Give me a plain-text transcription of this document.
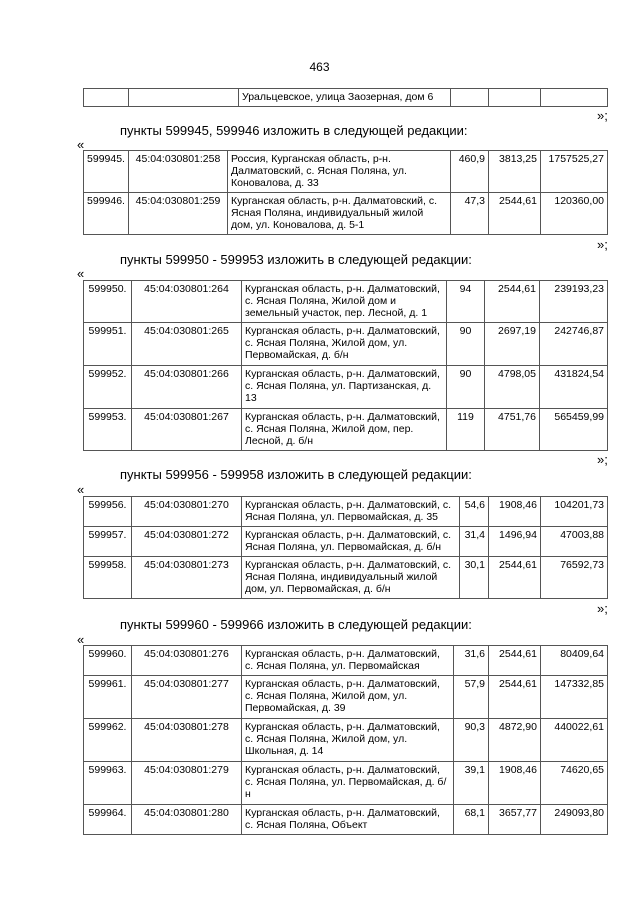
463
		Уральцевское, улица Заозерная, дом 6			
»;
пункты 599945, 599946 изложить в следующей редакции:
«
599945.	45:04:030801:258	Россия, Курганская область, р-н. Далматовский, с. Ясная Поляна, ул. Коновалова, д. 33	460,9	3813,25	1757525,27
599946.	45:04:030801:259	Курганская область, р-н. Далматовский, с. Ясная Поляна, индивидуальный жилой дом, ул. Коновалова, д. 5-1	47,3	2544,61	120360,00
»;
пункты 599950 - 599953 изложить в следующей редакции:
«
599950.	45:04:030801:264	Курганская область, р-н. Далматовский, с. Ясная Поляна, Жилой дом и земельный участок, пер. Лесной, д. 1	94	2544,61	239193,23
599951.	45:04:030801:265	Курганская область, р-н. Далматовский, с. Ясная Поляна, Жилой дом, ул. Первомайская, д. б/н	90	2697,19	242746,87
599952.	45:04:030801:266	Курганская область, р-н. Далматовский, с. Ясная Поляна, ул. Партизанская, д. 13	90	4798,05	431824,54
599953.	45:04:030801:267	Курганская область, р-н. Далматовский, с. Ясная Поляна, Жилой дом, пер. Лесной, д. б/н	119	4751,76	565459,99
»;
пункты 599956 - 599958 изложить в следующей редакции:
«
599956.	45:04:030801:270	Курганская область, р-н. Далматовский, с. Ясная Поляна, ул. Первомайская, д. 35	54,6	1908,46	104201,73
599957.	45:04:030801:272	Курганская область, р-н. Далматовский, с. Ясная Поляна, ул. Первомайская, д. б/н	31,4	1496,94	47003,88
599958.	45:04:030801:273	Курганская область, р-н. Далматовский, с. Ясная Поляна, индивидуальный жилой дом, ул. Первомайская, д. б/н	30,1	2544,61	76592,73
»;
пункты 599960 - 599966 изложить в следующей редакции:
«
599960.	45:04:030801:276	Курганская область, р-н. Далматовский, с. Ясная Поляна, ул. Первомайская	31,6	2544,61	80409,64
599961.	45:04:030801:277	Курганская область, р-н. Далматовский, с. Ясная Поляна, Жилой дом, ул. Первомайская, д. 39	57,9	2544,61	147332,85
599962.	45:04:030801:278	Курганская область, р-н. Далматовский, с. Ясная Поляна, Жилой дом, ул. Школьная, д. 14	90,3	4872,90	440022,61
599963.	45:04:030801:279	Курганская область, р-н. Далматовский, с. Ясная Поляна, ул. Первомайская, д. б/н	39,1	1908,46	74620,65
599964.	45:04:030801:280	Курганская область, р-н. Далматовский, с. Ясная Поляна, Объект	68,1	3657,77	249093,80
